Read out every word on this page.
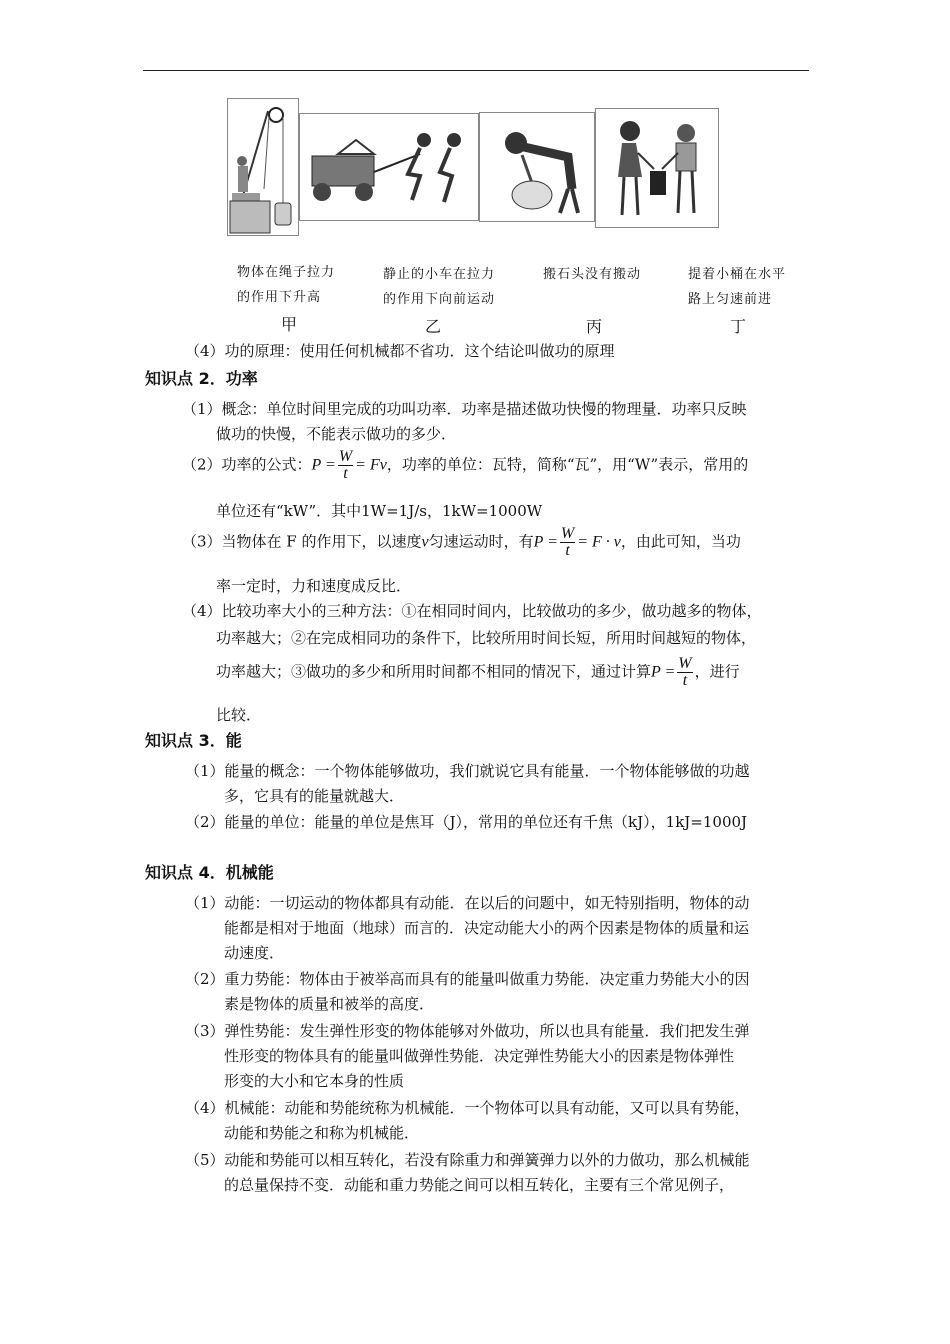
物体在绳子拉力
的作用下升高
静止的小车在拉力
的作用下向前运动
搬石头没有搬动	提着小桶在水平
路上匀速前进
甲	乙	丙	丁
（4）功的原理：使用任何机械都不省功．这个结论叫做功的原理
知识点 2．功率
（1）概念：单位时间里完成的功叫功率．功率是描述做功快慢的物理量．功率只反映
做功的快慢，不能表示做功的多少．
（2）功率的公式：$P = \frac{W}{t} = Fv$，功率的单位：瓦特，简称“瓦”，用“W”表示，常用的
单位还有“kW”．其中1W=1J/s，1kW=1000W
（3）当物体在 F 的作用下，以速度v匀速运动时，有$P = \frac{W}{t} = F \cdot v$，由此可知，当功
率一定时，力和速度成反比．
（4）比较功率大小的三种方法：①在相同时间内，比较做功的多少，做功越多的物体，
功率越大；②在完成相同功的条件下，比较所用时间长短，所用时间越短的物体，
功率越大；③做功的多少和所用时间都不相同的情况下，通过计算$P = \frac{W}{t}$ ，进行
比较．
知识点 3．能
（1）能量的概念：一个物体能够做功，我们就说它具有能量．一个物体能够做的功越
多，它具有的能量就越大．
（2）能量的单位：能量的单位是焦耳（J），常用的单位还有千焦（kJ），1kJ=1000J
知识点 4．机械能
（1）动能：一切运动的物体都具有动能．在以后的问题中，如无特别指明，物体的动
能都是相对于地面（地球）而言的．决定动能大小的两个因素是物体的质量和运
动速度．
（2）重力势能：物体由于被举高而具有的能量叫做重力势能．决定重力势能大小的因
素是物体的质量和被举的高度．
（3）弹性势能：发生弹性形变的物体能够对外做功，所以也具有能量．我们把发生弹
性形变的物体具有的能量叫做弹性势能．决定弹性势能大小的因素是物体弹性
形变的大小和它本身的性质
（4）机械能：动能和势能统称为机械能．一个物体可以具有动能，又可以具有势能，
动能和势能之和称为机械能．
（5）动能和势能可以相互转化，若没有除重力和弹簧弹力以外的力做功，那么机械能
的总量保持不变．动能和重力势能之间可以相互转化，主要有三个常见例子，
